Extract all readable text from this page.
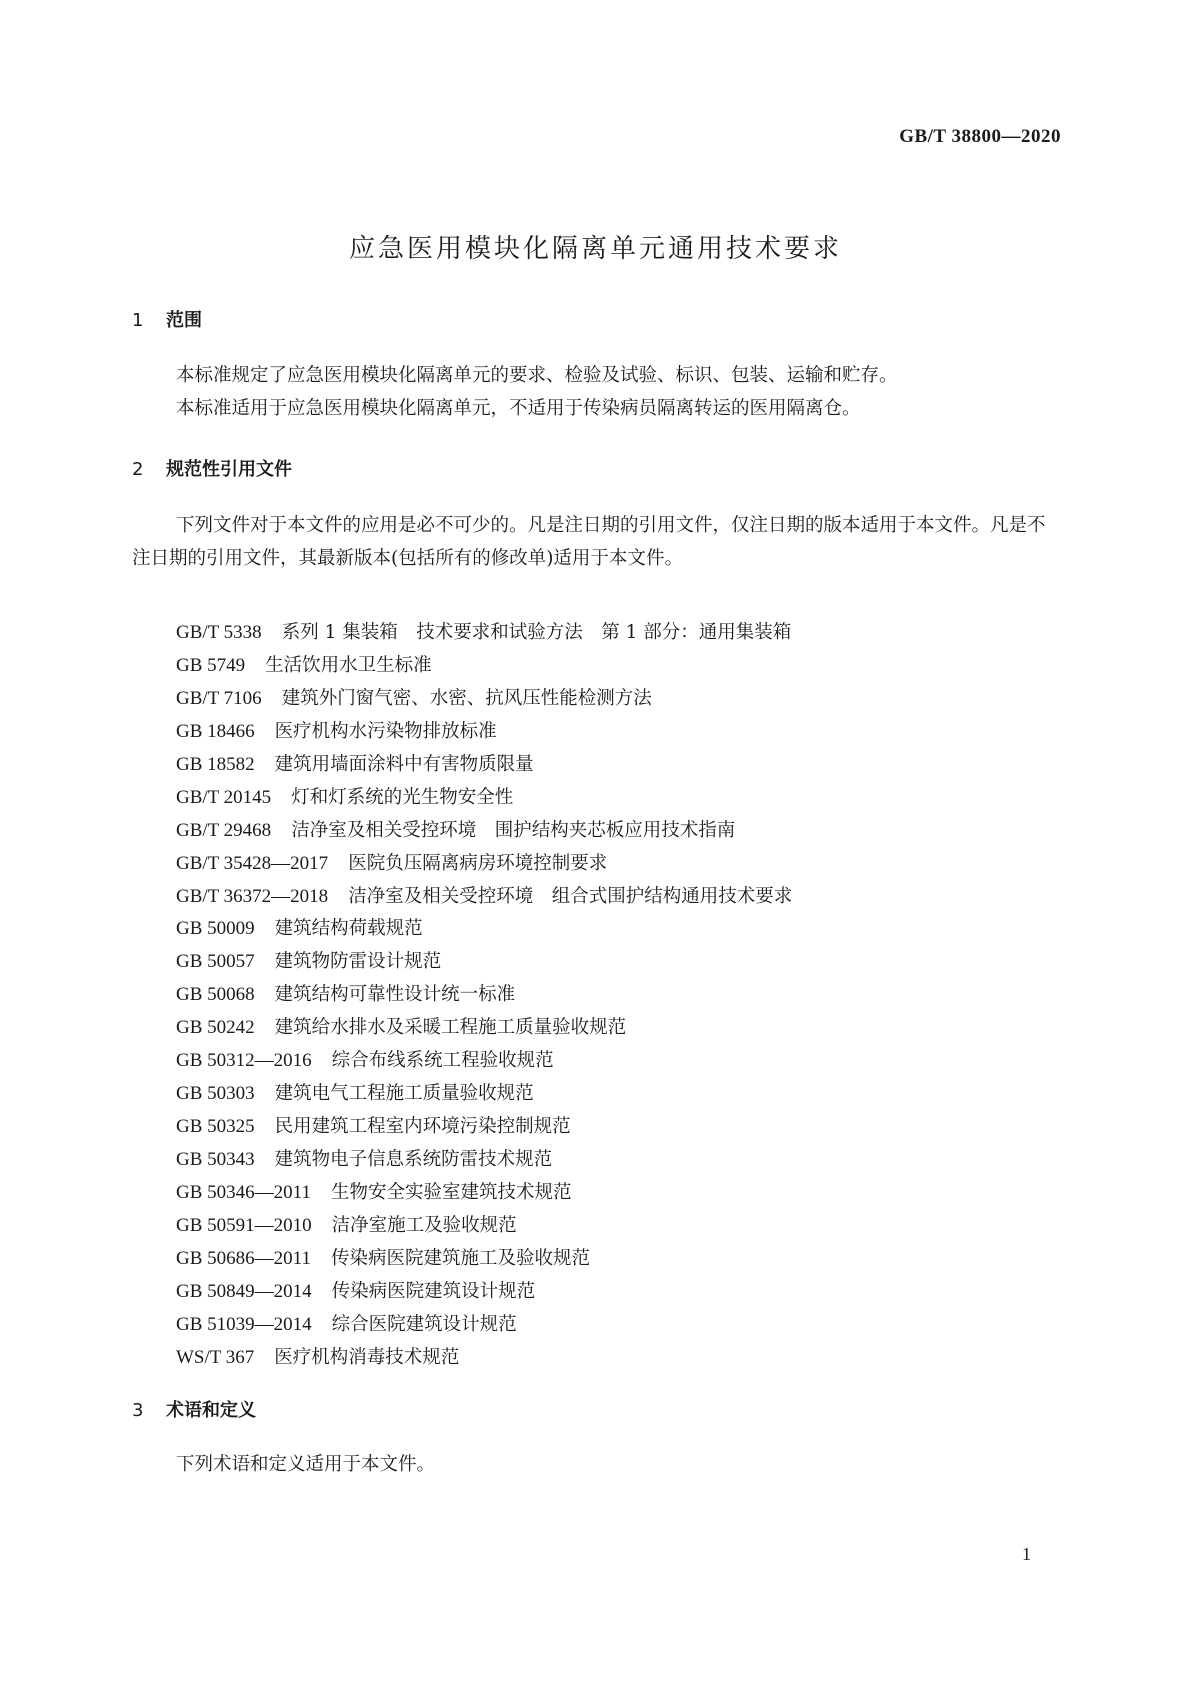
GB/T 38800—2020
应急医用模块化隔离单元通用技术要求
1 范围

本标准规定了应急医用模块化隔离单元的要求、检验及试验、标识、包装、运输和贮存。

本标准适用于应急医用模块化隔离单元，不适用于传染病员隔离转运的医用隔离仓。

2 规范性引用文件

下列文件对于本文件的应用是必不可少的。凡是注日期的引用文件，仅注日期的版本适用于本文件。凡是不注日期的引用文件，其最新版本(包括所有的修改单)适用于本文件。

GB/T 5338 系列 1 集装箱　技术要求和试验方法　第 1 部分：通用集装箱
GB 5749 生活饮用水卫生标准
GB/T 7106 建筑外门窗气密、水密、抗风压性能检测方法
GB 18466 医疗机构水污染物排放标准
GB 18582 建筑用墙面涂料中有害物质限量
GB/T 20145 灯和灯系统的光生物安全性
GB/T 29468 洁净室及相关受控环境　围护结构夹芯板应用技术指南
GB/T 35428—2017 医院负压隔离病房环境控制要求
GB/T 36372—2018 洁净室及相关受控环境　组合式围护结构通用技术要求
GB 50009 建筑结构荷载规范
GB 50057 建筑物防雷设计规范
GB 50068 建筑结构可靠性设计统一标准
GB 50242 建筑给水排水及采暖工程施工质量验收规范
GB 50312—2016 综合布线系统工程验收规范
GB 50303 建筑电气工程施工质量验收规范
GB 50325 民用建筑工程室内环境污染控制规范
GB 50343 建筑物电子信息系统防雷技术规范
GB 50346—2011 生物安全实验室建筑技术规范
GB 50591—2010 洁净室施工及验收规范
GB 50686—2011 传染病医院建筑施工及验收规范
GB 50849—2014 传染病医院建筑设计规范
GB 51039—2014 综合医院建筑设计规范
WS/T 367 医疗机构消毒技术规范
3 术语和定义

下列术语和定义适用于本文件。

1
